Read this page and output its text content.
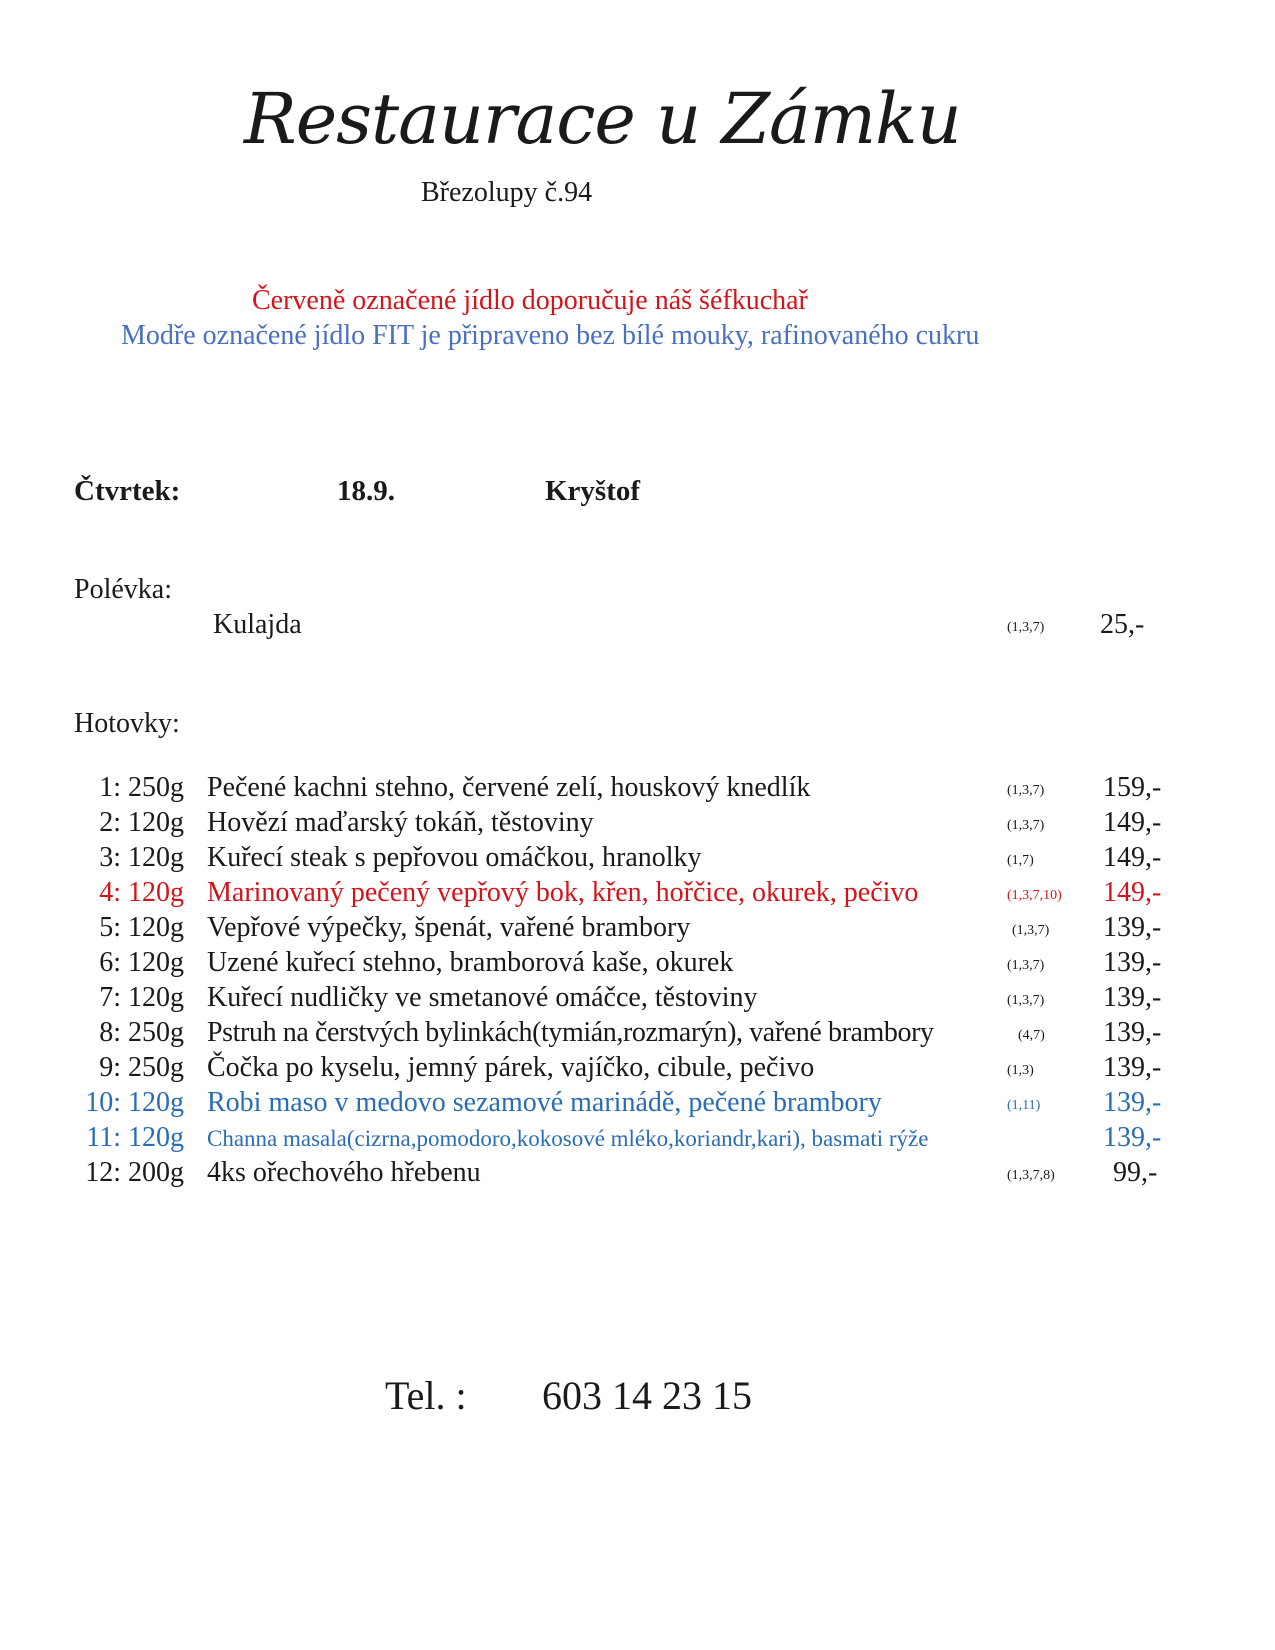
Restaurace u Zámku
Březolupy č.94
Červeně označené jídlo doporučuje náš šéfkuchař
Modře označené jídlo FIT je připraveno bez bílé mouky, rafinovaného cukru
Čtvrtek:	18.9.	Kryštof
Polévka:
Kulajda	(1,3,7) 25,-
Hotovky:
1: 250g Pečené kachni stehno, červené zelí, houskový knedlík	(1,3,7) 159,-
2: 120g Hovězí maďarský tokáň, těstoviny	(1,3,7) 149,-
3: 120g Kuřecí steak s pepřovou omáčkou, hranolky	(1,7) 149,-
4: 120g Marinovaný pečený vepřový bok, křen, hořčice, okurek, pečivo	(1,3,7,10) 149,-
5: 120g Vepřové výpečky, špenát, vařené brambory	(1,3,7) 139,-
6: 120g Uzené kuřecí stehno, bramborová kaše, okurek	(1,3,7) 139,-
7: 120g Kuřecí nudličky ve smetanové omáčce, těstoviny	(1,3,7) 139,-
8: 250g Pstruh na čerstvých bylinkách(tymián,rozmarýn), vařené brambory	(4,7) 139,-
9: 250g Čočka po kyselu, jemný párek, vajíčko, cibule, pečivo	(1,3) 139,-
10: 120g Robi maso v medovo sezamové marinádě, pečené brambory	(1,11) 139,-
11: 120g Channa masala(cizrna,pomodoro,kokosové mléko,koriandr,kari), basmati rýže	139,-
12: 200g 4ks ořechového hřebenu	(1,3,7,8) 99,-
Tel. : 603 14 23 15
